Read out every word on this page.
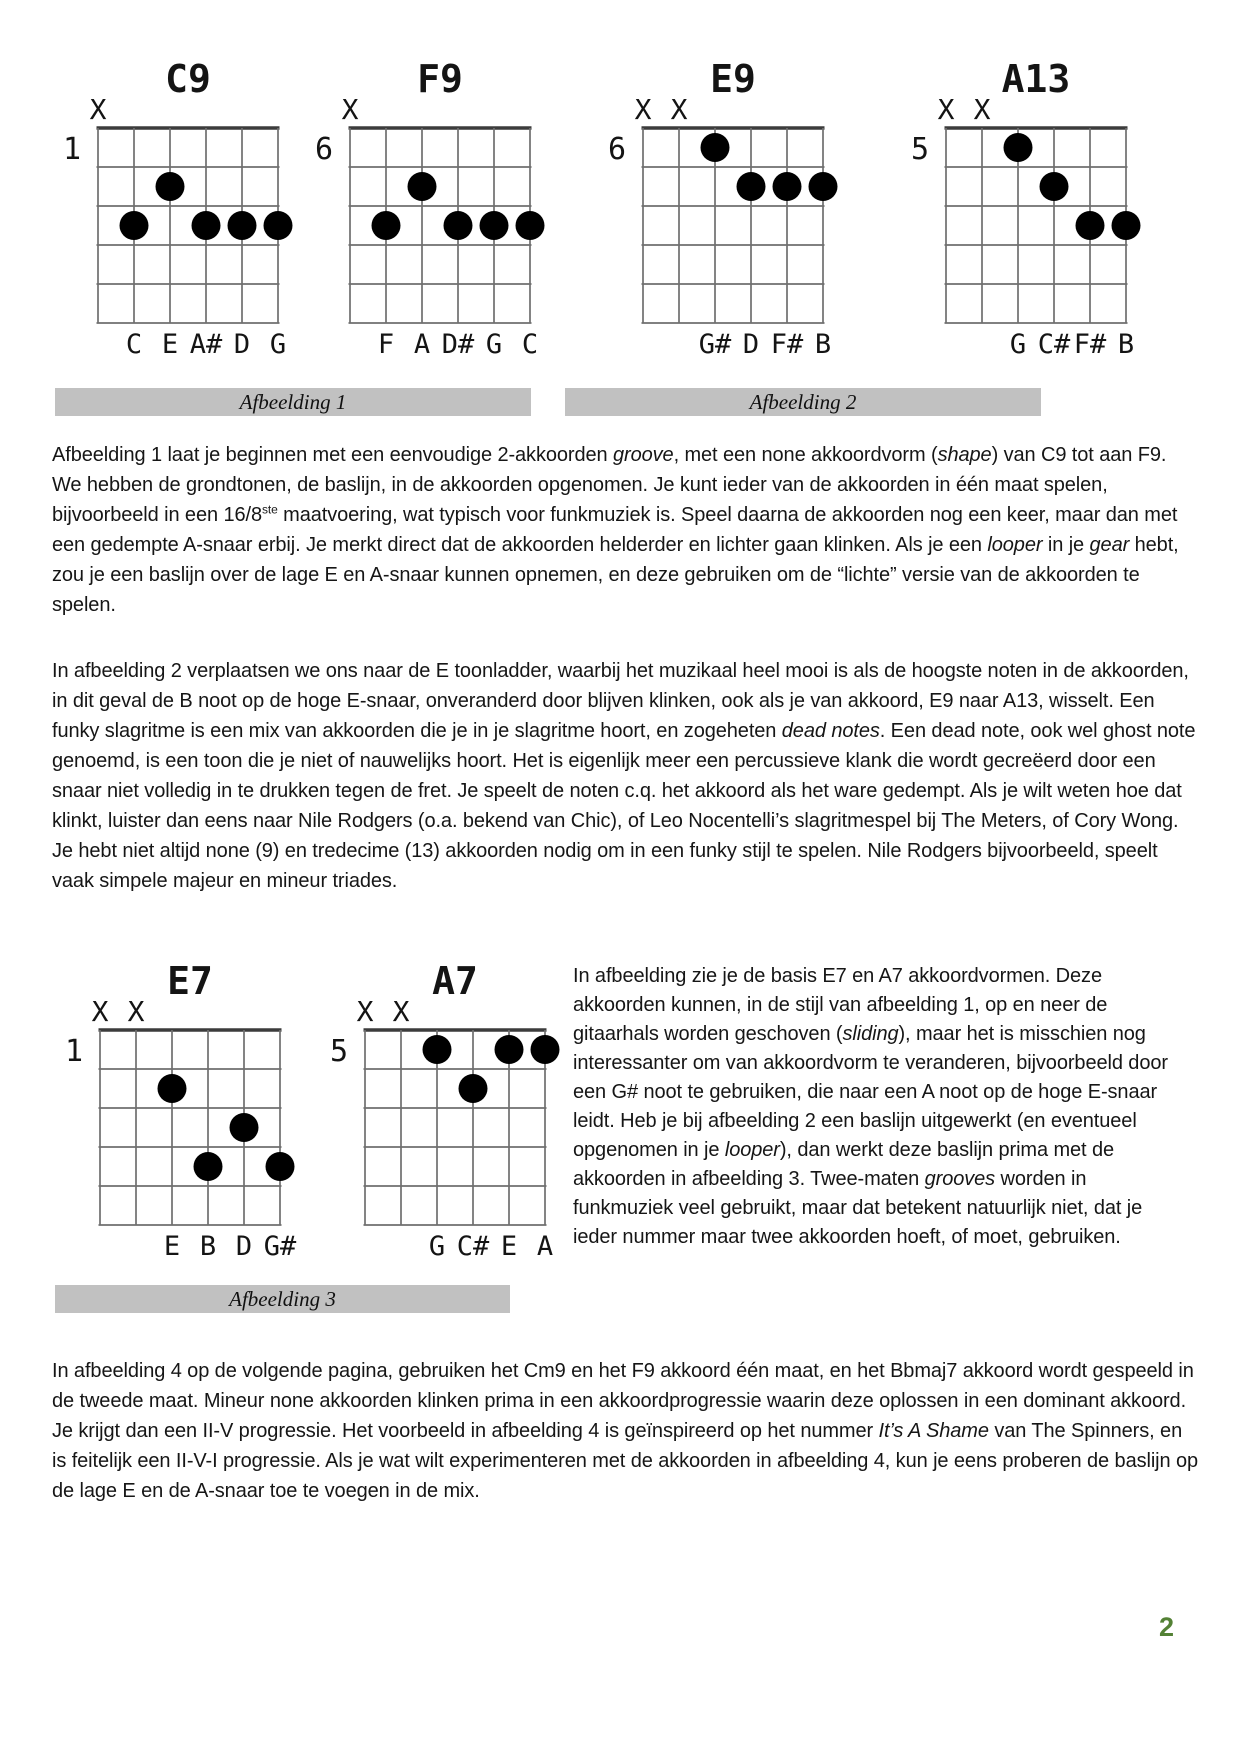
C9
X
1
C E A# D G
F9
X
6
F A D# G C
E9
X X
6
G# D F# B
A13
X X
5
G C# F# B
Afbeelding 1	Afbeelding 2
Afbeelding 1 laat je beginnen met een eenvoudige 2-akkoorden groove, met een none akkoordvorm (shape) van C9 tot aan F9. We hebben de grondtonen, de baslijn, in de akkoorden opgenomen. Je kunt ieder van de akkoorden in één maat spelen, bijvoorbeeld in een 16/8ste maatvoering, wat typisch voor funkmuziek is. Speel daarna de akkoorden nog een keer, maar dan met een gedempte A-snaar erbij. Je merkt direct dat de akkoorden helderder en lichter gaan klinken. Als je een looper in je gear hebt, zou je een baslijn over de lage E en A-snaar kunnen opnemen, en deze gebruiken om de “lichte” versie van de akkoorden te spelen.
In afbeelding 2 verplaatsen we ons naar de E toonladder, waarbij het muzikaal heel mooi is als de hoogste noten in de akkoorden, in dit geval de B noot op de hoge E-snaar, onveranderd door blijven klinken, ook als je van akkoord, E9 naar A13, wisselt. Een funky slagritme is een mix van akkoorden die je in je slagritme hoort, en zogeheten dead notes. Een dead note, ook wel ghost note genoemd, is een toon die je niet of nauwelijks hoort. Het is eigenlijk meer een percussieve klank die wordt gecreëerd door een snaar niet volledig in te drukken tegen de fret. Je speelt de noten c.q. het akkoord als het ware gedempt. Als je wilt weten hoe dat klinkt, luister dan eens naar Nile Rodgers (o.a. bekend van Chic), of Leo Nocentelli’s slagritmespel bij The Meters, of Cory Wong. Je hebt niet altijd none (9) en tredecime (13) akkoorden nodig om in een funky stijl te spelen. Nile Rodgers bijvoorbeeld, speelt vaak simpele majeur en mineur triades.
E7
X X
1
E B D G#
A7
X X
5
G C# E A
Afbeelding 3
In afbeelding zie je de basis E7 en A7 akkoordvormen. Deze akkoorden kunnen, in de stijl van afbeelding 1, op en neer de gitaarhals worden geschoven (sliding), maar het is misschien nog interessanter om van akkoordvorm te veranderen, bijvoorbeeld door een G# noot te gebruiken, die naar een A noot op de hoge E-snaar leidt. Heb je bij afbeelding 2 een baslijn uitgewerkt (en eventueel opgenomen in je looper), dan werkt deze baslijn prima met de akkoorden in afbeelding 3. Twee-maten grooves worden in funkmuziek veel gebruikt, maar dat betekent natuurlijk niet, dat je ieder nummer maar twee akkoorden hoeft, of moet, gebruiken.
In afbeelding 4 op de volgende pagina, gebruiken het Cm9 en het F9 akkoord één maat, en het Bbmaj7 akkoord wordt gespeeld in de tweede maat. Mineur none akkoorden klinken prima in een akkoordprogressie waarin deze oplossen in een dominant akkoord. Je krijgt dan een II-V progressie. Het voorbeeld in afbeelding 4 is geïnspireerd op het nummer It’s A Shame van The Spinners, en is feitelijk een II-V-I progressie. Als je wat wilt experimenteren met de akkoorden in afbeelding 4, kun je eens proberen de baslijn op de lage E en de A-snaar toe te voegen in de mix.
2
